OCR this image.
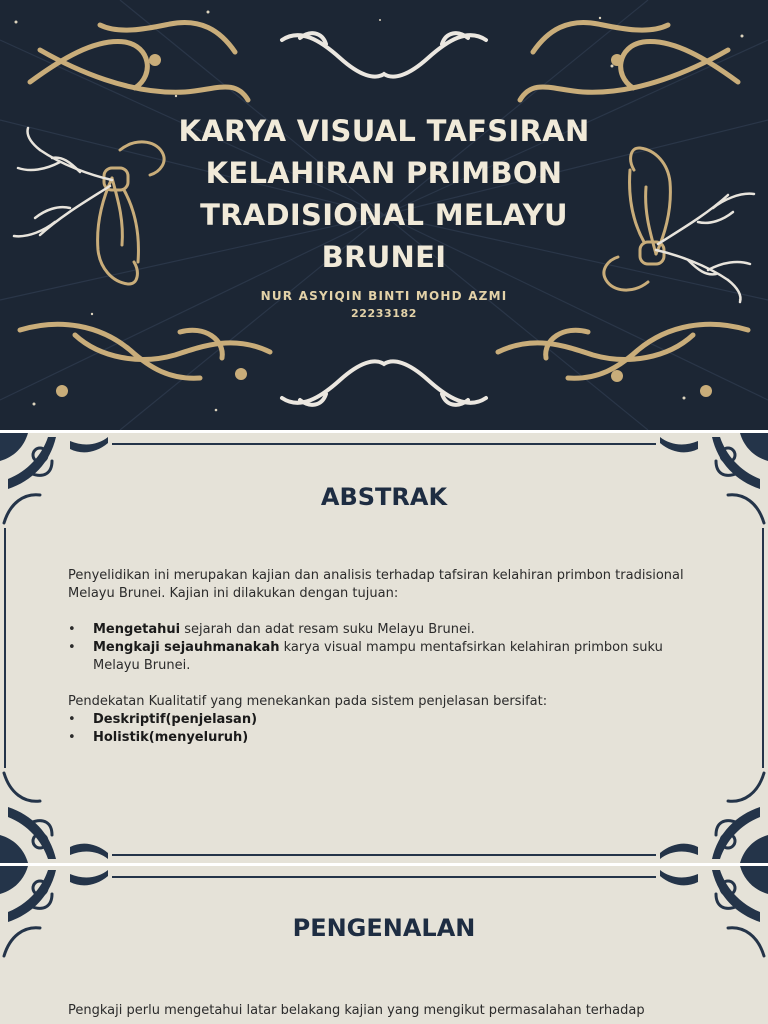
KARYA VISUAL TAFSIRAN KELAHIRAN PRIMBON TRADISIONAL MELAYU BRUNEI
NUR ASYIQIN BINTI MOHD AZMI
22233182
ABSTRAK

Penyelidikan ini merupakan kajian dan analisis terhadap tafsiran kelahiran primbon tradisional Melayu Brunei. Kajian ini dilakukan dengan tujuan:

•	Mengetahui sejarah dan adat resam suku Melayu Brunei.
•	Mengkaji sejauhmanakah karya visual mampu mentafsirkan kelahiran primbon suku Melayu Brunei.

Pendekatan Kualitatif yang menekankan pada sistem penjelasan bersifat:

•	Deskriptif(penjelasan)
•	Holistik(menyeluruh)
PENGENALAN
Pengkaji perlu mengetahui latar belakang kajian yang mengikut permasalahan terhadap
